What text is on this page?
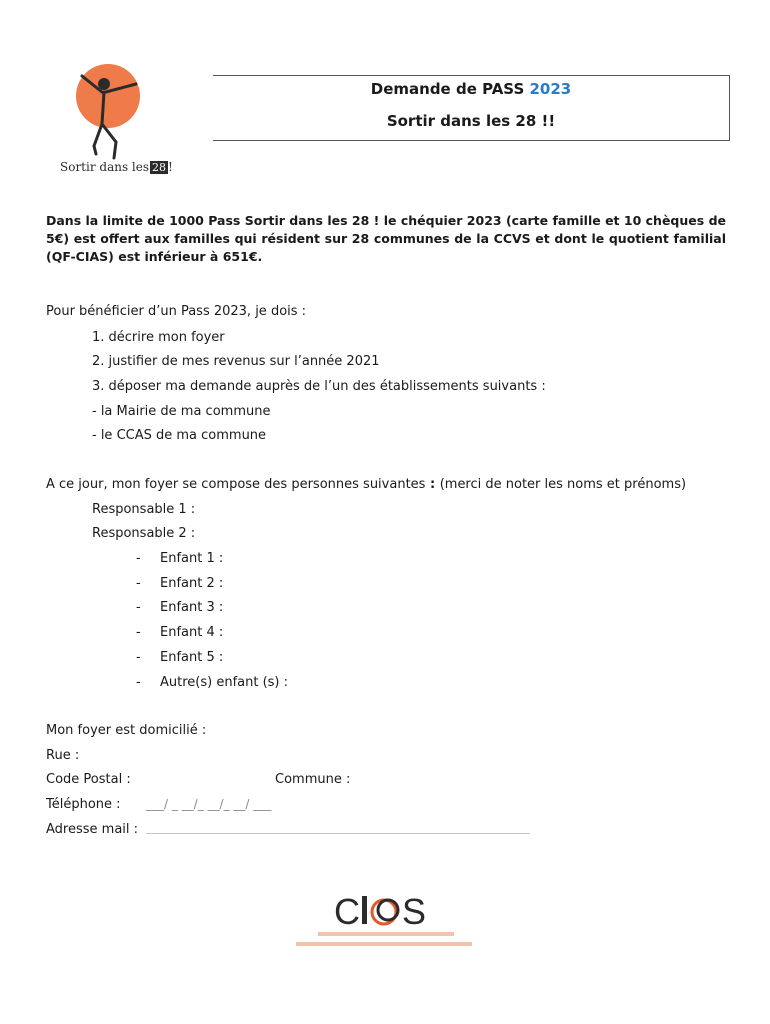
Sortir dans les 28 !
Demande de PASS 2023
Sortir dans les 28 !!
Dans la limite de 1000 Pass Sortir dans les 28 ! le chéquier 2023 (carte famille et 10 chèques de 5€) est offert aux familles qui résident sur 28 communes de la CCVS et dont le quotient familial (QF-CIAS) est inférieur à 651€.
Pour bénéficier d’un Pass 2023, je dois :
1. décrire mon foyer
2. justifier de mes revenus sur l’année 2021
3. déposer ma demande auprès de l’un des établissements suivants :
- la Mairie de ma commune
- le CCAS de ma commune
A ce jour, mon foyer se compose des personnes suivantes : (merci de noter les noms et prénoms)
Responsable 1 :
Responsable 2 :
- Enfant 1 :
- Enfant 2 :
- Enfant 3 :
- Enfant 4 :
- Enfant 5 :
- Autre(s) enfant (s) :
Mon foyer est domicilié :
Rue :
Code Postal :	Commune :
Téléphone : ___/ _ __/_ __/_ __/ ___
Adresse mail :
C S
